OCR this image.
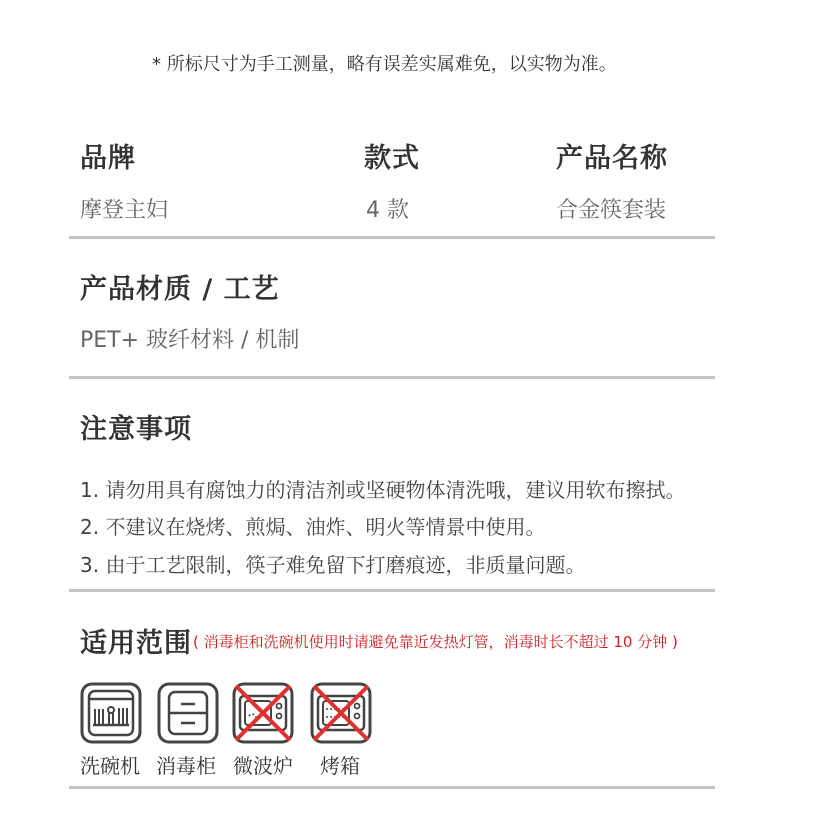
* 所标尺寸为手工测量，略有误差实属难免，以实物为准。
品牌
摩登主妇
款式
4 款
产品名称
合金筷套装
产品材质 / 工艺
PET+ 玻纤材料 / 机制
注意事项
1. 请勿用具有腐蚀力的清洁剂或坚硬物体清洗哦，建议用软布擦拭。
2. 不建议在烧烤、煎焗、油炸、明火等情景中使用。
3. 由于工艺限制，筷子难免留下打磨痕迹，非质量问题。
适用范围 ( 消毒柜和洗碗机使用时请避免靠近发热灯管，消毒时长不超过 10 分钟 )
洗碗机 消毒柜 微波炉 烤箱
